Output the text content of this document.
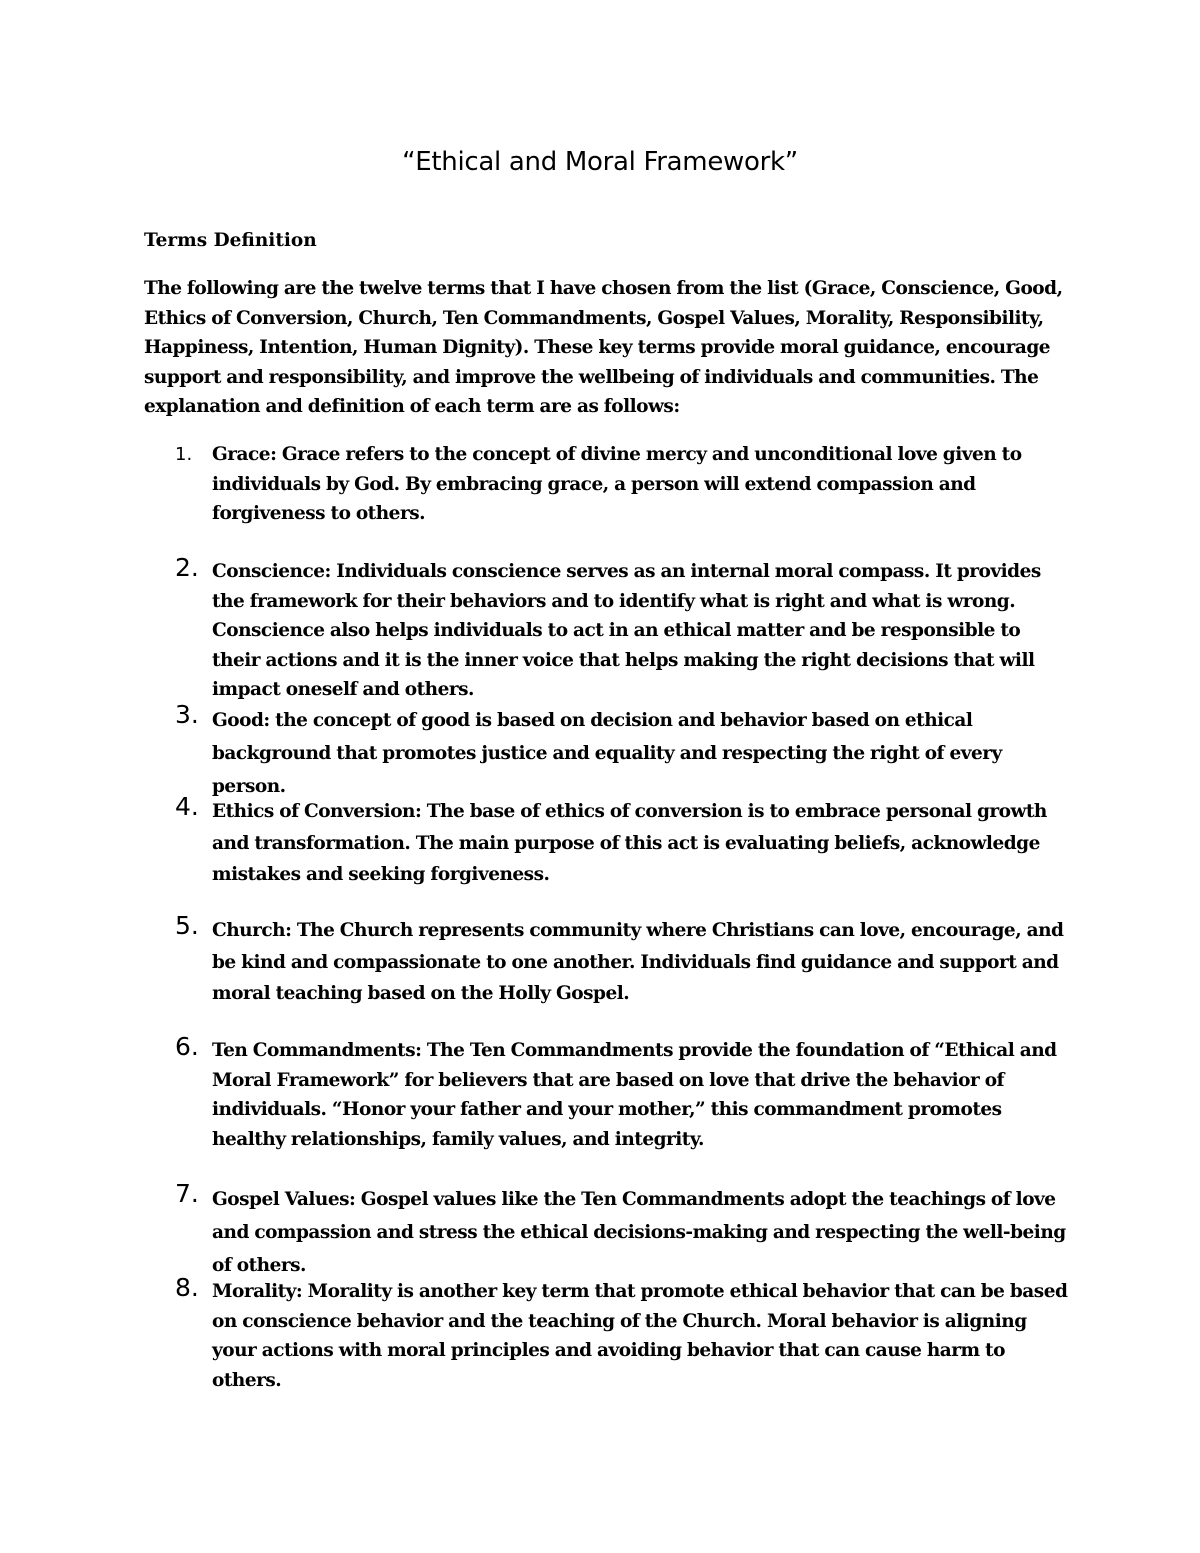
“Ethical and Moral Framework”
Terms Definition
The following are the twelve terms that I have chosen from the list (Grace, Conscience, Good, Ethics of Conversion, Church, Ten Commandments, Gospel Values, Morality, Responsibility, Happiness, Intention, Human Dignity). These key terms provide moral guidance, encourage support and responsibility, and improve the wellbeing of individuals and communities. The explanation and definition of each term are as follows:
1.	Grace: Grace refers to the concept of divine mercy and unconditional love given to individuals by God. By embracing grace, a person will extend compassion and forgiveness to others.
2. Conscience: Individuals conscience serves as an internal moral compass. It provides the framework for their behaviors and to identify what is right and what is wrong. Conscience also helps individuals to act in an ethical matter and be responsible to their actions and it is the inner voice that helps making the right decisions that will impact oneself and others.
3. Good: the concept of good is based on decision and behavior based on ethical background that promotes justice and equality and respecting the right of every person.
4. Ethics of Conversion: The base of ethics of conversion is to embrace personal growth and transformation. The main purpose of this act is evaluating beliefs, acknowledge mistakes and seeking forgiveness.
5. Church: The Church represents community where Christians can love, encourage, and be kind and compassionate to one another. Individuals find guidance and support and moral teaching based on the Holly Gospel.
6. Ten Commandments: The Ten Commandments provide the foundation of “Ethical and Moral Framework” for believers that are based on love that drive the behavior of individuals. “Honor your father and your mother,” this commandment promotes healthy relationships, family values, and integrity.
7. Gospel Values: Gospel values like the Ten Commandments adopt the teachings of love and compassion and stress the ethical decisions-making and respecting the well-being of others.
8. Morality: Morality is another key term that promote ethical behavior that can be based on conscience behavior and the teaching of the Church. Moral behavior is aligning your actions with moral principles and avoiding behavior that can cause harm to others.
